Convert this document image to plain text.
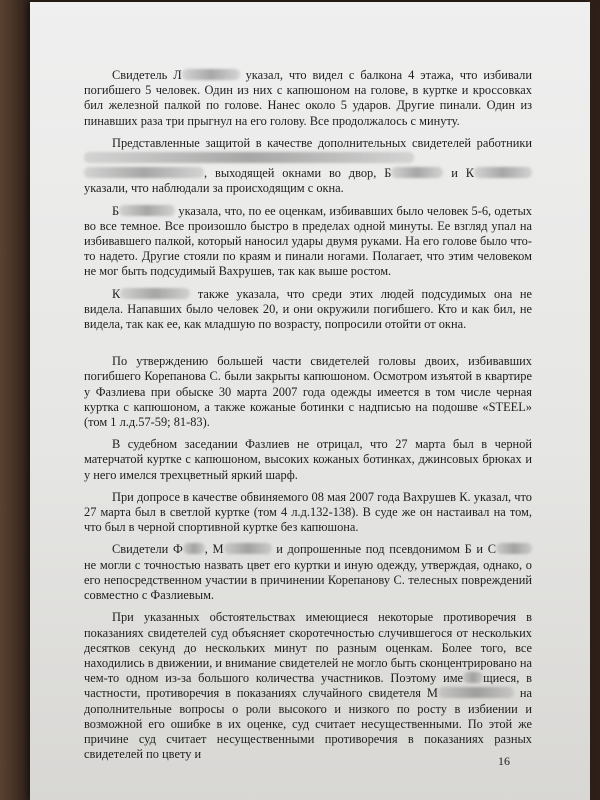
Свидетель Л	указал, что видел с балкона 4 этажа, что избивали погибшего 5 человек. Один из них с капюшоном на голове, в куртке и кроссовках бил железной палкой по голове. Нанес около 5 ударов. Другие пинали. Один из пинавших раза три прыгнул на его голову. Все продолжалось с минуту.

Представленные защитой в качестве дополнительных свидетелей работники  , выходящей окнами во двор, Б	и К указали, что наблюдали за происходящим с окна.

Б	указала, что, по ее оценкам, избивавших было человек 5-6, одетых во все темное. Все произошло быстро в пределах одной минуты. Ее взгляд упал на избивавшего палкой, который наносил удары двумя руками. На его голове было что-то надето. Другие стояли по краям и пинали ногами. Полагает, что этим человеком не мог быть подсудимый Вахрушев, так как выше ростом.

К	также указала, что среди этих людей подсудимых она не видела. Напавших было человек 20, и они окружили погибшего. Кто и как бил, не видела, так как ее, как младшую по возрасту, попросили отойти от окна.

По утверждению большей части свидетелей головы двоих, избивавших погибшего Корепанова С. были закрыты капюшоном. Осмотром изъятой в квартире у Фазлиева при обыске 30 марта 2007 года одежды имеется в том числе черная куртка с капюшоном, а также кожаные ботинки с надписью на подошве «STEEL» (том 1 л.д.57-59; 81-83).

В судебном заседании Фазлиев не отрицал, что 27 марта был в черной матерчатой куртке с капюшоном, высоких кожаных ботинках, джинсовых брюках и у него имелся трехцветный яркий шарф.

При допросе в качестве обвиняемого 08 мая 2007 года Вахрушев К. указал, что 27 марта был в светлой куртке (том 4 л.д.132-138). В суде же он настаивал на том, что был в черной спортивной куртке без капюшона.

Свидетели Ф , М	и допрошенные под псевдонимом Б и С не могли с точностью назвать цвет его куртки и иную одежду, утверждая, однако, о его непосредственном участии в причинении Корепанову С. телесных повреждений совместно с Фазлиевым.

При указанных обстоятельствах имеющиеся некоторые противоречия в показаниях свидетелей суд объясняет скоротечностью случившегося от нескольких десятков секунд до нескольких минут по разным оценкам. Более того, все находились в движении, и внимание свидетелей не могло быть сконцентрировано на чем-то одном из-за большого количества участников. Поэтому име щиеся, в частности, противоречия в показаниях случайного свидетеля М	на дополнительные вопросы о роли высокого и низкого по росту в избиении и возможной его ошибке в их оценке, суд считает несущественными. По этой же причине суд считает несущественными противоречия в показаниях разных свидетелей по цвету и	16
